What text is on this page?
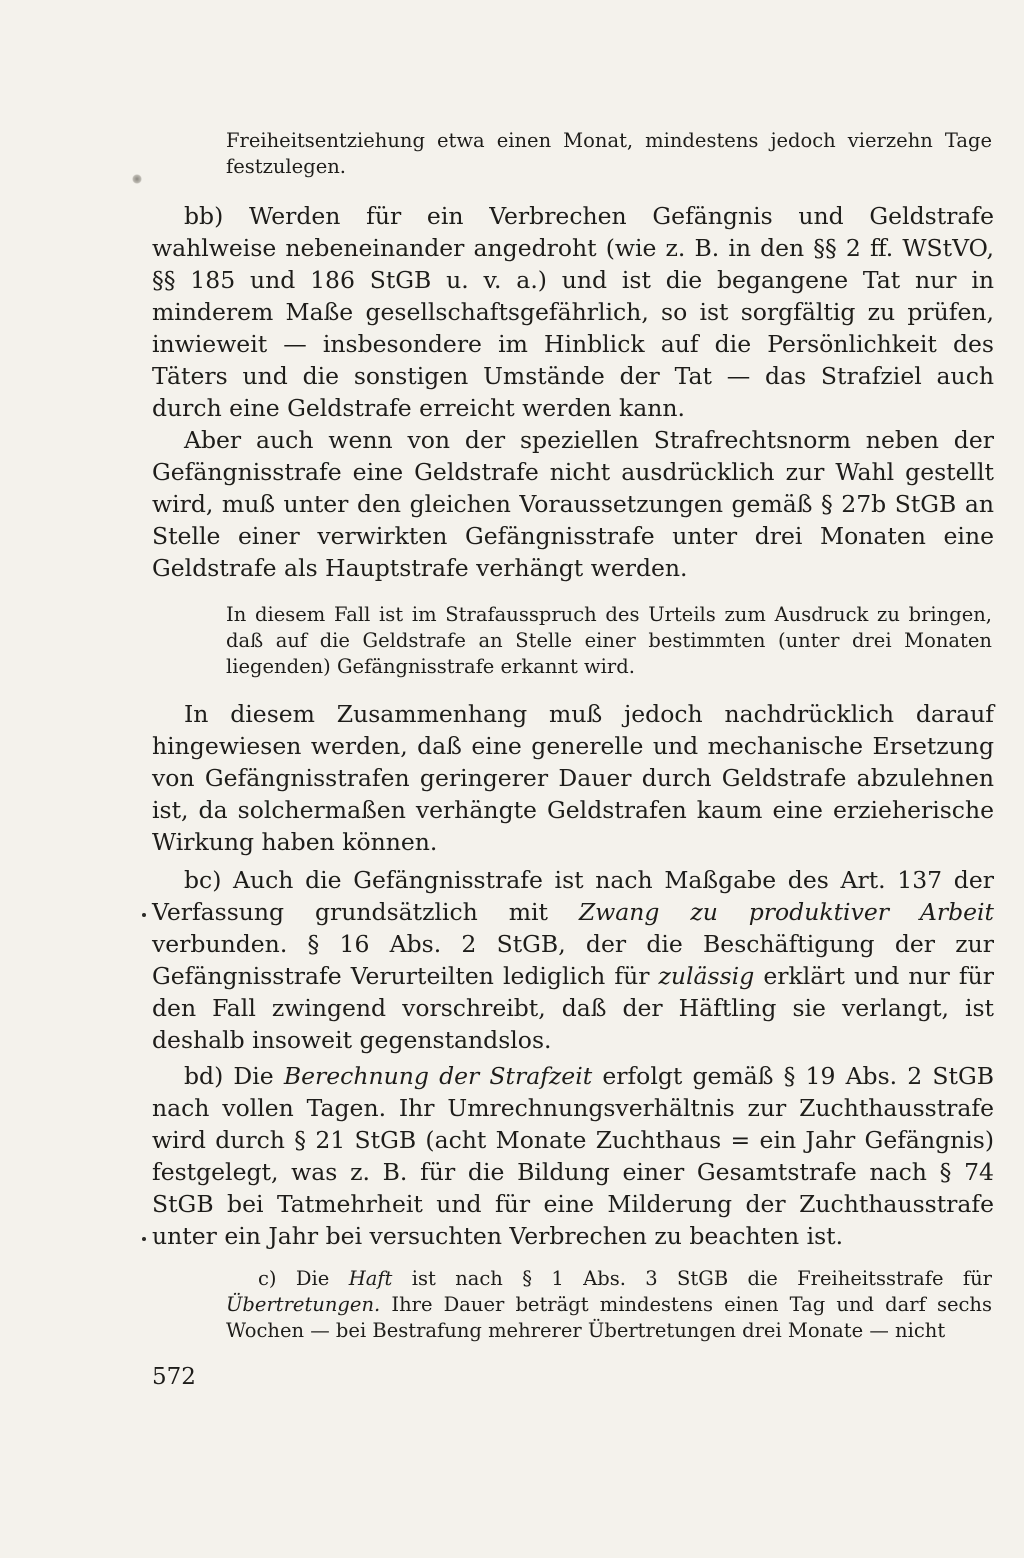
Freiheitsentziehung etwa einen Monat, mindestens jedoch vierzehn Tage festzulegen.

bb) Werden für ein Verbrechen Gefängnis und Geldstrafe wahlweise nebeneinander angedroht (wie z. B. in den §§ 2 ff. WStVO, §§ 185 und 186 StGB u. v. a.) und ist die begangene Tat nur in minderem Maße gesellschaftsgefährlich, so ist sorgfältig zu prüfen, inwieweit — insbesondere im Hinblick auf die Persönlichkeit des Täters und die sonstigen Umstände der Tat — das Strafziel auch durch eine Geldstrafe erreicht werden kann.

Aber auch wenn von der speziellen Strafrechtsnorm neben der Gefängnisstrafe eine Geldstrafe nicht ausdrücklich zur Wahl gestellt wird, muß unter den gleichen Voraussetzungen gemäß § 27b StGB an Stelle einer verwirkten Gefängnisstrafe unter drei Monaten eine Geldstrafe als Hauptstrafe verhängt werden.

In diesem Fall ist im Strafausspruch des Urteils zum Ausdruck zu bringen, daß auf die Geldstrafe an Stelle einer bestimmten (unter drei Monaten liegenden) Gefängnisstrafe erkannt wird.

In diesem Zusammenhang muß jedoch nachdrücklich darauf hingewiesen werden, daß eine generelle und mechanische Ersetzung von Gefängnisstrafen geringerer Dauer durch Geldstrafe abzulehnen ist, da solchermaßen verhängte Geldstrafen kaum eine erzieherische Wirkung haben können.

bc) Auch die Gefängnisstrafe ist nach Maßgabe des Art. 137 der Verfassung grundsätzlich mit Zwang zu produktiver Arbeit verbunden. § 16 Abs. 2 StGB, der die Beschäftigung der zur Gefängnisstrafe Verurteilten lediglich für zulässig erklärt und nur für den Fall zwingend vorschreibt, daß der Häftling sie verlangt, ist deshalb insoweit gegenstandslos.

bd) Die Berechnung der Strafzeit erfolgt gemäß § 19 Abs. 2 StGB nach vollen Tagen. Ihr Umrechnungsverhältnis zur Zuchthausstrafe wird durch § 21 StGB (acht Monate Zuchthaus = ein Jahr Gefängnis) festgelegt, was z. B. für die Bildung einer Gesamtstrafe nach § 74 StGB bei Tatmehrheit und für eine Milderung der Zuchthausstrafe unter ein Jahr bei versuchten Verbrechen zu beachten ist.

c) Die Haft ist nach § 1 Abs. 3 StGB die Freiheitsstrafe für Übertretungen. Ihre Dauer beträgt mindestens einen Tag und darf sechs Wochen — bei Bestrafung mehrerer Übertretungen drei Monate — nicht

572
